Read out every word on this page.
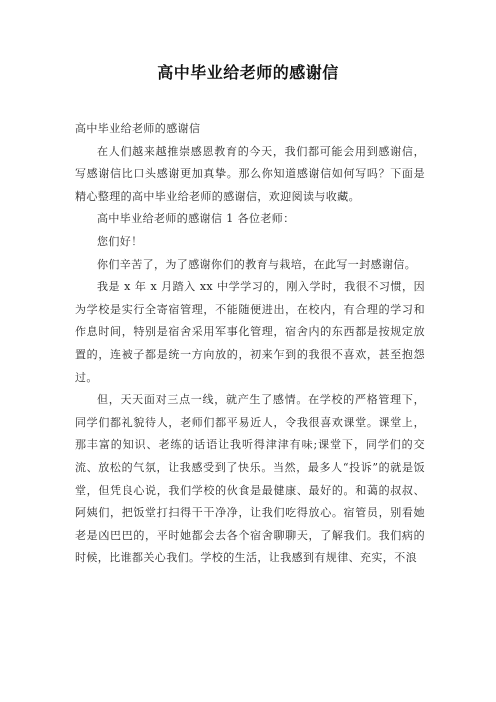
高中毕业给老师的感谢信

高中毕业给老师的感谢信

在人们越来越推崇感恩教育的今天，我们都可能会用到感谢信，写感谢信比口头感谢更加真挚。那么你知道感谢信如何写吗？下面是精心整理的高中毕业给老师的感谢信，欢迎阅读与收藏。

高中毕业给老师的感谢信 1 各位老师：

您们好！

你们辛苦了，为了感谢你们的教育与栽培，在此写一封感谢信。

我是 x 年 x 月踏入 xx 中学学习的，刚入学时，我很不习惯，因为学校是实行全寄宿管理，不能随便进出，在校内，有合理的学习和作息时间，特别是宿舍采用军事化管理，宿舍内的东西都是按规定放置的，连被子都是统一方向放的，初来乍到的我很不喜欢，甚至抱怨过。

但，天天面对三点一线，就产生了感情。在学校的严格管理下，同学们都礼貌待人，老师们都平易近人，令我很喜欢课堂。课堂上，那丰富的知识、老练的话语让我听得津津有味;课堂下，同学们的交流、放松的气氛，让我感受到了快乐。当然，最多人“投诉”的就是饭堂，但凭良心说，我们学校的伙食是最健康、最好的。和蔼的叔叔、阿姨们，把饭堂打扫得干干净净，让我们吃得放心。宿管员，别看她老是凶巴巴的，平时她都会去各个宿舍聊聊天，了解我们。我们病的时候，比谁都关心我们。学校的生活，让我感到有规律、充实，不浪
